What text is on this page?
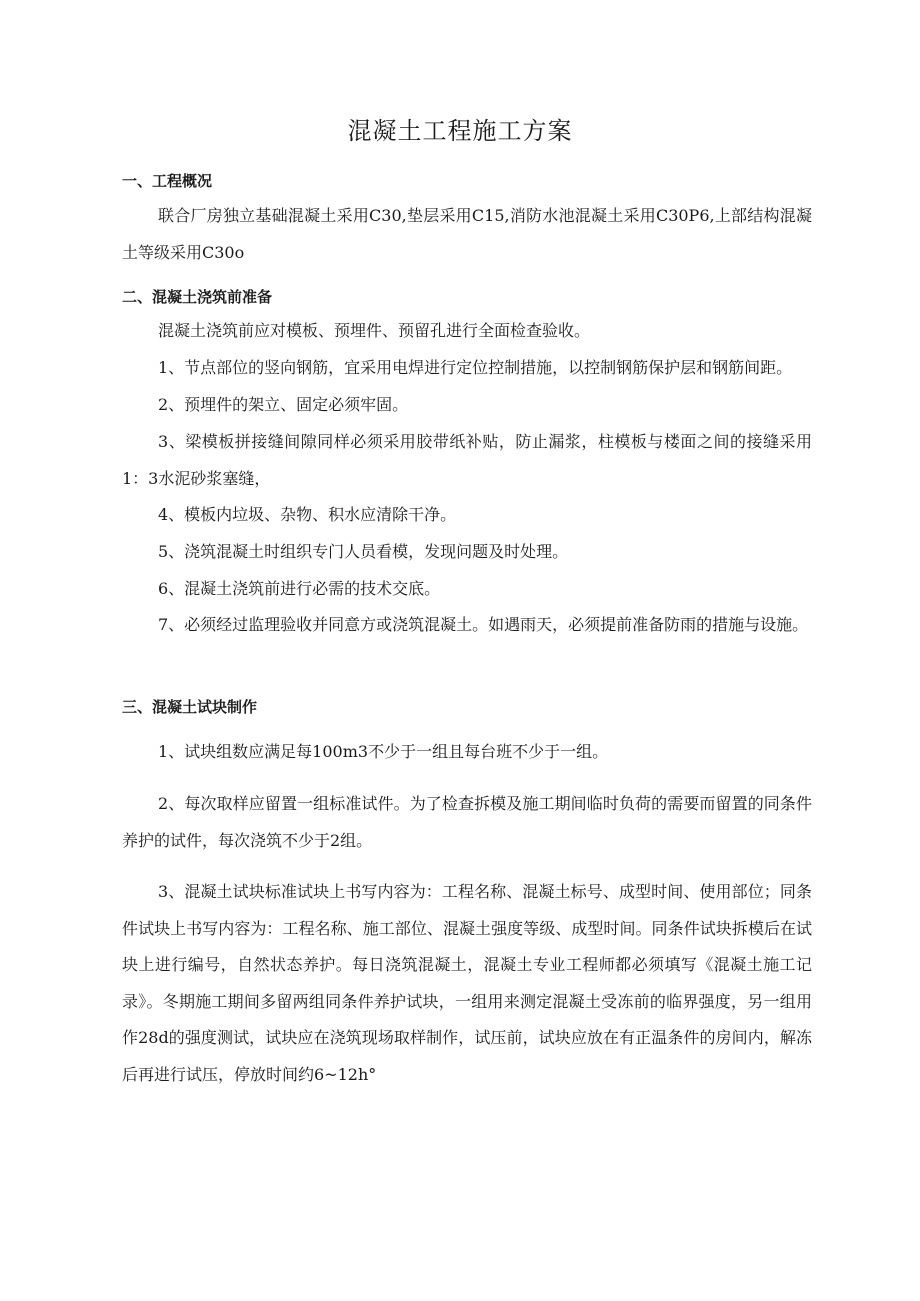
混凝土工程施工方案
一、工程概况

联合厂房独立基础混凝土采用C30,垫层采用C15,消防水池混凝土采用C30P6,上部结构混凝土等级采用C30o

二、混凝土浇筑前准备

混凝土浇筑前应对模板、预埋件、预留孔进行全面检查验收。

1、节点部位的竖向钢筋，宜采用电焊进行定位控制措施，以控制钢筋保护层和钢筋间距。

2、预埋件的架立、固定必须牢固。

3、梁模板拼接缝间隙同样必须采用胶带纸补贴，防止漏浆，柱模板与楼面之间的接缝采用1：3水泥砂浆塞缝，

4、模板内垃圾、杂物、积水应清除干净。

5、浇筑混凝土时组织专门人员看模，发现问题及时处理。

6、混凝土浇筑前进行必需的技术交底。

7、必须经过监理验收并同意方或浇筑混凝土。如遇雨天，必须提前准备防雨的措施与设施。

三、混凝土试块制作

1、试块组数应满足每100m3不少于一组且每台班不少于一组。

2、每次取样应留置一组标准试件。为了检查拆模及施工期间临时负荷的需要而留置的同条件养护的试件，每次浇筑不少于2组。

3、混凝土试块标准试块上书写内容为：工程名称、混凝土标号、成型时间、使用部位；同条件试块上书写内容为：工程名称、施工部位、混凝土强度等级、成型时间。同条件试块拆模后在试块上进行编号，自然状态养护。每日浇筑混凝土，混凝土专业工程师都必须填写《混凝土施工记录》。冬期施工期间多留两组同条件养护试块，一组用来测定混凝土受冻前的临界强度，另一组用作28d的强度测试，试块应在浇筑现场取样制作，试压前，试块应放在有正温条件的房间内，解冻后再进行试压，停放时间约6~12h°
